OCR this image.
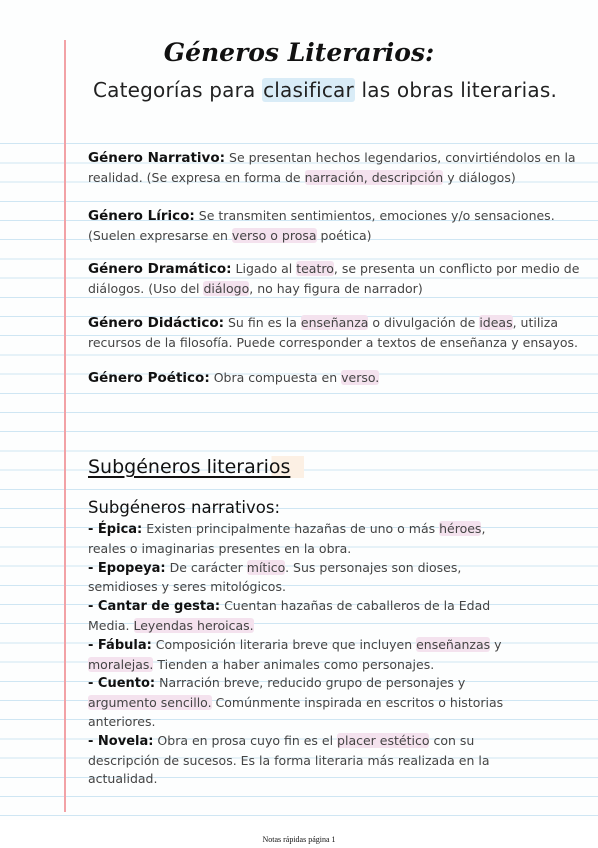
Géneros Literarios:

Categorías para clasificar las obras literarias.

Género Narrativo: Se presentan hechos legendarios, convirtiéndolos en la realidad. (Se expresa en forma de narración, descripción y diálogos)
Género Lírico: Se transmiten sentimientos, emociones y/o sensaciones. (Suelen expresarse en verso o prosa poética)
Género Dramático: Ligado al teatro, se presenta un conflicto por medio de diálogos. (Uso del diálogo, no hay figura de narrador)
Género Didáctico: Su fin es la enseñanza o divulgación de ideas, utiliza recursos de la filosofía. Puede corresponder a textos de enseñanza y ensayos.
Género Poético: Obra compuesta en verso.
Subgéneros literarios
Subgéneros narrativos:
- Épica: Existen principalmente hazañas de uno o más héroes, reales o imaginarias presentes en la obra.
- Epopeya: De carácter mítico. Sus personajes son dioses, semidioses y seres mitológicos.
- Cantar de gesta: Cuentan hazañas de caballeros de la Edad Media. Leyendas heroicas.
- Fábula: Composición literaria breve que incluyen enseñanzas y moralejas. Tienden a haber animales como personajes.
- Cuento: Narración breve, reducido grupo de personajes y argumento sencillo. Comúnmente inspirada en escritos o historias anteriores.
- Novela: Obra en prosa cuyo fin es el placer estético con su descripción de sucesos. Es la forma literaria más realizada en la actualidad.
Notas rápidas página 1
